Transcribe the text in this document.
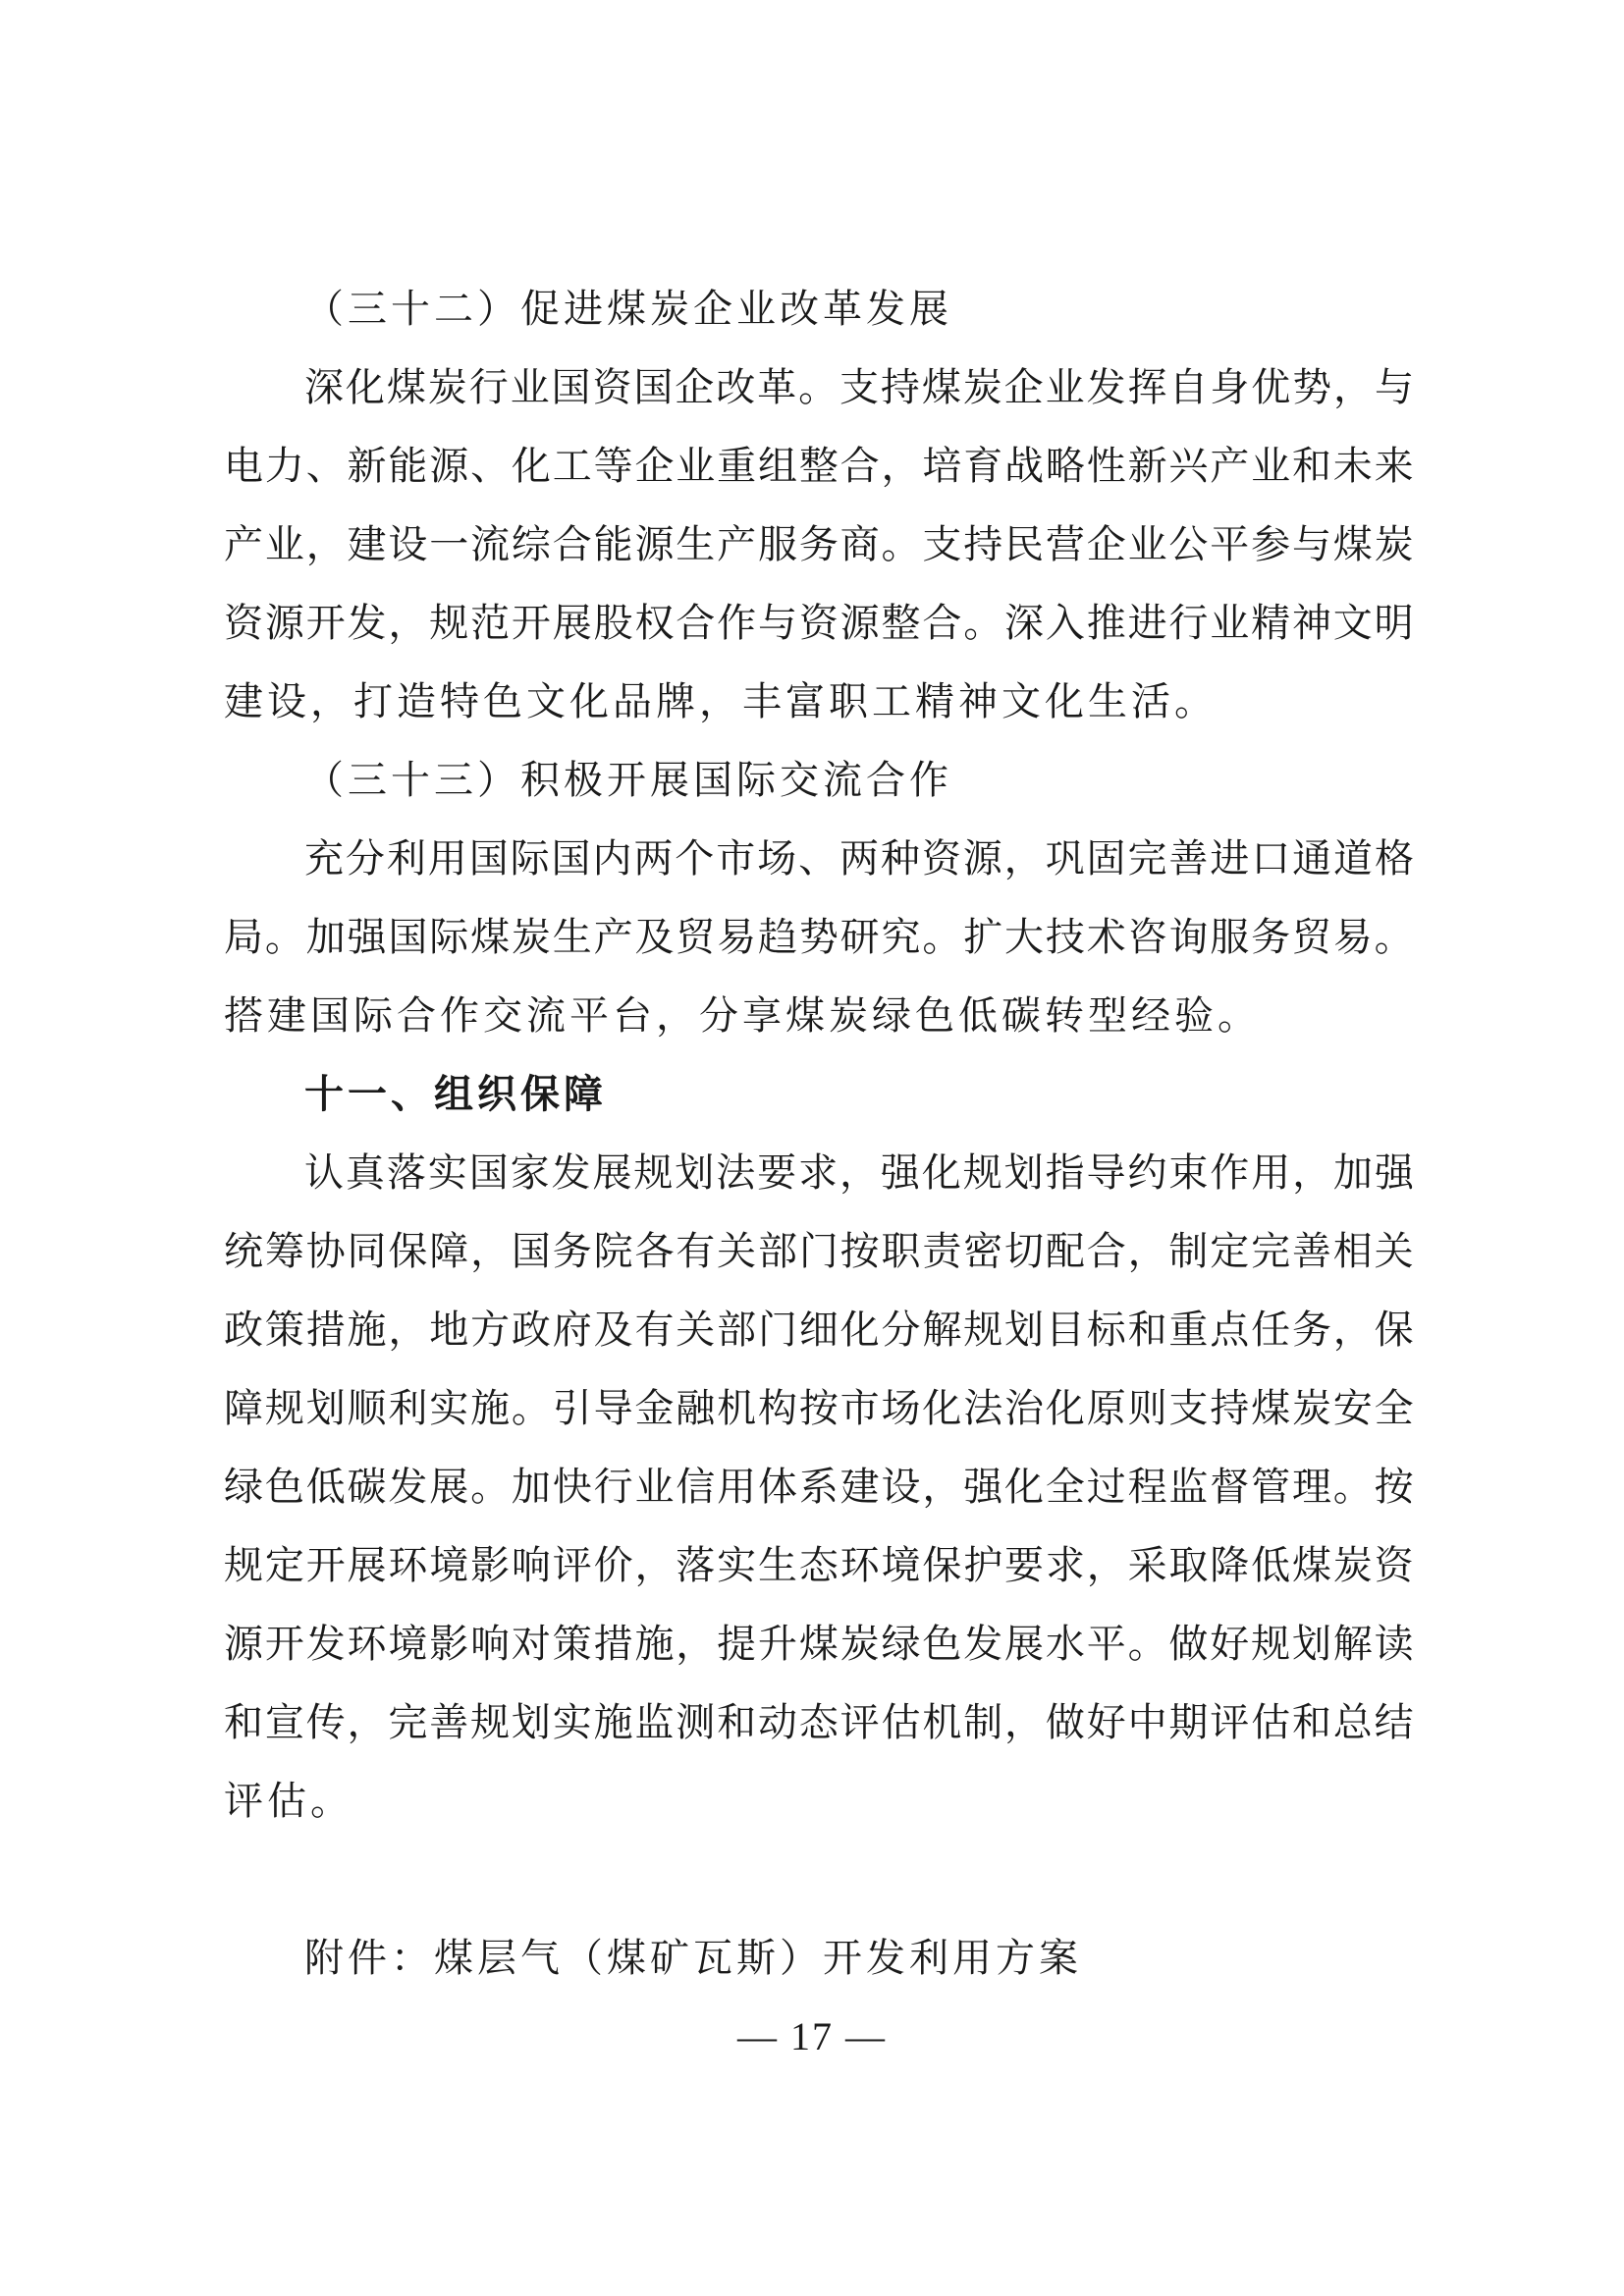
（三十二）促进煤炭企业改革发展
深 化 煤 炭 行 业 国 资 国 企 改 革 。 支 持 煤 炭 企 业 发 挥 自 身 优 势 ， 与
电 力 、 新 能 源 、 化 工 等 企 业 重 组 整 合 ， 培 育 战 略 性 新 兴 产 业 和 未 来
产 业 ， 建 设 一 流 综 合 能 源 生 产 服 务 商 。 支 持 民 营 企 业 公 平 参 与 煤 炭
资 源 开 发 ， 规 范 开 展 股 权 合 作 与 资 源 整 合 。 深 入 推 进 行 业 精 神 文 明
建设，打造特色文化品牌，丰富职工精神文化生活。
（三十三）积极开展国际交流合作
充 分 利 用 国 际 国 内 两 个 市 场 、 两 种 资 源 ， 巩 固 完 善 进 口 通 道 格
局 。 加 强 国 际 煤 炭 生 产 及 贸 易 趋 势 研 究 。 扩 大 技 术 咨 询 服 务 贸 易 。
搭建国际合作交流平台，分享煤炭绿色低碳转型经验。
十一、组织保障
认 真 落 实 国 家 发 展 规 划 法 要 求 ， 强 化 规 划 指 导 约 束 作 用 ， 加 强
统 筹 协 同 保 障 ， 国 务 院 各 有 关 部 门 按 职 责 密 切 配 合 ， 制 定 完 善 相 关
政 策 措 施 ， 地 方 政 府 及 有 关 部 门 细 化 分 解 规 划 目 标 和 重 点 任 务 ， 保
障 规 划 顺 利 实 施 。 引 导 金 融 机 构 按 市 场 化 法 治 化 原 则 支 持 煤 炭 安 全
绿 色 低 碳 发 展 。 加 快 行 业 信 用 体 系 建 设 ， 强 化 全 过 程 监 督 管 理 。 按
规 定 开 展 环 境 影 响 评 价 ， 落 实 生 态 环 境 保 护 要 求 ， 采 取 降 低 煤 炭 资
源 开 发 环 境 影 响 对 策 措 施 ， 提 升 煤 炭 绿 色 发 展 水 平 。 做 好 规 划 解 读
和 宣 传 ， 完 善 规 划 实 施 监 测 和 动 态 评 估 机 制 ， 做 好 中 期 评 估 和 总 结
评估。
附件：煤层气（煤矿瓦斯）开发利用方案
— 17 —
